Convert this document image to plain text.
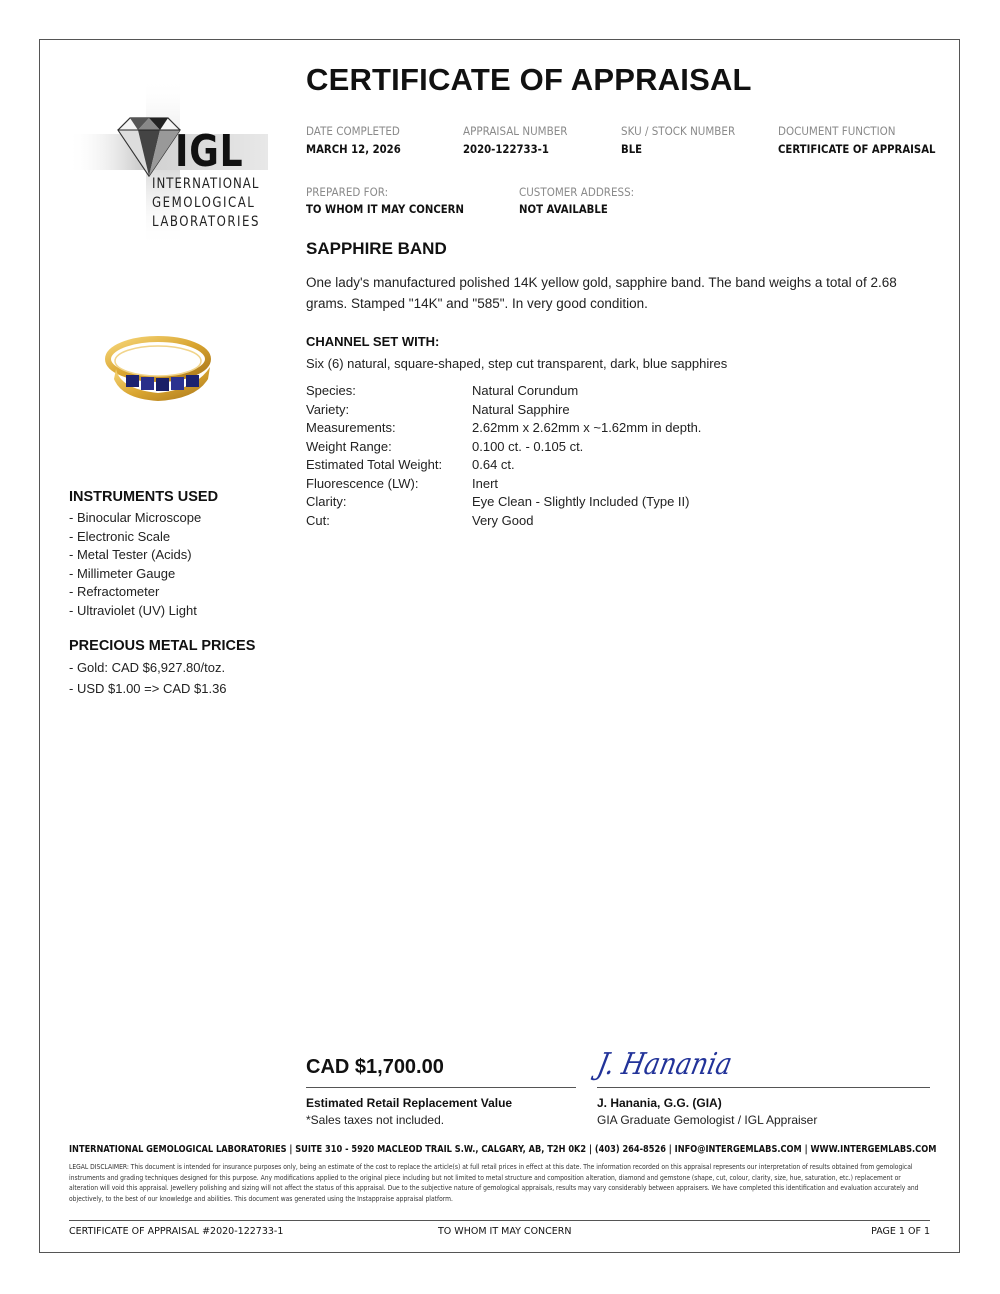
IGL
INTERNATIONAL
GEMOLOGICAL
LABORATORIES
CERTIFICATE OF APPRAISAL
DATE COMPLETED
MARCH 12, 2026
APPRAISAL NUMBER
2020-122733-1
SKU / STOCK NUMBER
BLE
DOCUMENT FUNCTION
CERTIFICATE OF APPRAISAL
PREPARED FOR:
TO WHOM IT MAY CONCERN
CUSTOMER ADDRESS:
NOT AVAILABLE
SAPPHIRE BAND
One lady's manufactured polished 14K yellow gold, sapphire band. The band weighs a total of 2.68 grams. Stamped "14K" and "585". In very good condition.
CHANNEL SET WITH:
Six (6) natural, square-shaped, step cut transparent, dark, blue sapphires
Species:	Natural Corundum
Variety:	Natural Sapphire
Measurements:	2.62mm x 2.62mm x ~1.62mm in depth.
Weight Range:	0.100 ct. - 0.105 ct.
Estimated Total Weight: 0.64 ct.
Fluorescence (LW):	Inert
Clarity:	Eye Clean - Slightly Included (Type II)
Cut:	Very Good
INSTRUMENTS USED
- Binocular Microscope
- Electronic Scale
- Metal Tester (Acids)
- Millimeter Gauge
- Refractometer
- Ultraviolet (UV) Light
PRECIOUS METAL PRICES
- Gold: CAD $6,927.80/toz.
- USD $1.00 => CAD $1.36
CAD $1,700.00
Estimated Retail Replacement Value
*Sales taxes not included.
J. Hanania
J. Hanania, G.G. (GIA)
GIA Graduate Gemologist / IGL Appraiser
INTERNATIONAL GEMOLOGICAL LABORATORIES | SUITE 310 - 5920 MACLEOD TRAIL S.W., CALGARY, AB, T2H 0K2 | (403) 264-8526 | INFO@INTERGEMLABS.COM | WWW.INTERGEMLABS.COM
LEGAL DISCLAIMER: This document is intended for insurance purposes only, being an estimate of the cost to replace the article(s) at full retail prices in effect at this date. The information recorded on this appraisal represents our interpretation of results obtained from gemological instruments and grading techniques designed for this purpose. Any modifications applied to the original piece including but not limited to metal structure and composition alteration, diamond and gemstone (shape, cut, colour, clarity, size, hue, saturation, etc.) replacement or alteration will void this appraisal. Jewellery polishing and sizing will not affect the status of this appraisal. Due to the subjective nature of gemological appraisals, results may vary considerably between appraisers. We have completed this identification and evaluation accurately and objectively, to the best of our knowledge and abilities. This document was generated using the Instappraise appraisal platform.
CERTIFICATE OF APPRAISAL #2020-122733-1	TO WHOM IT MAY CONCERN	PAGE 1 OF 1
